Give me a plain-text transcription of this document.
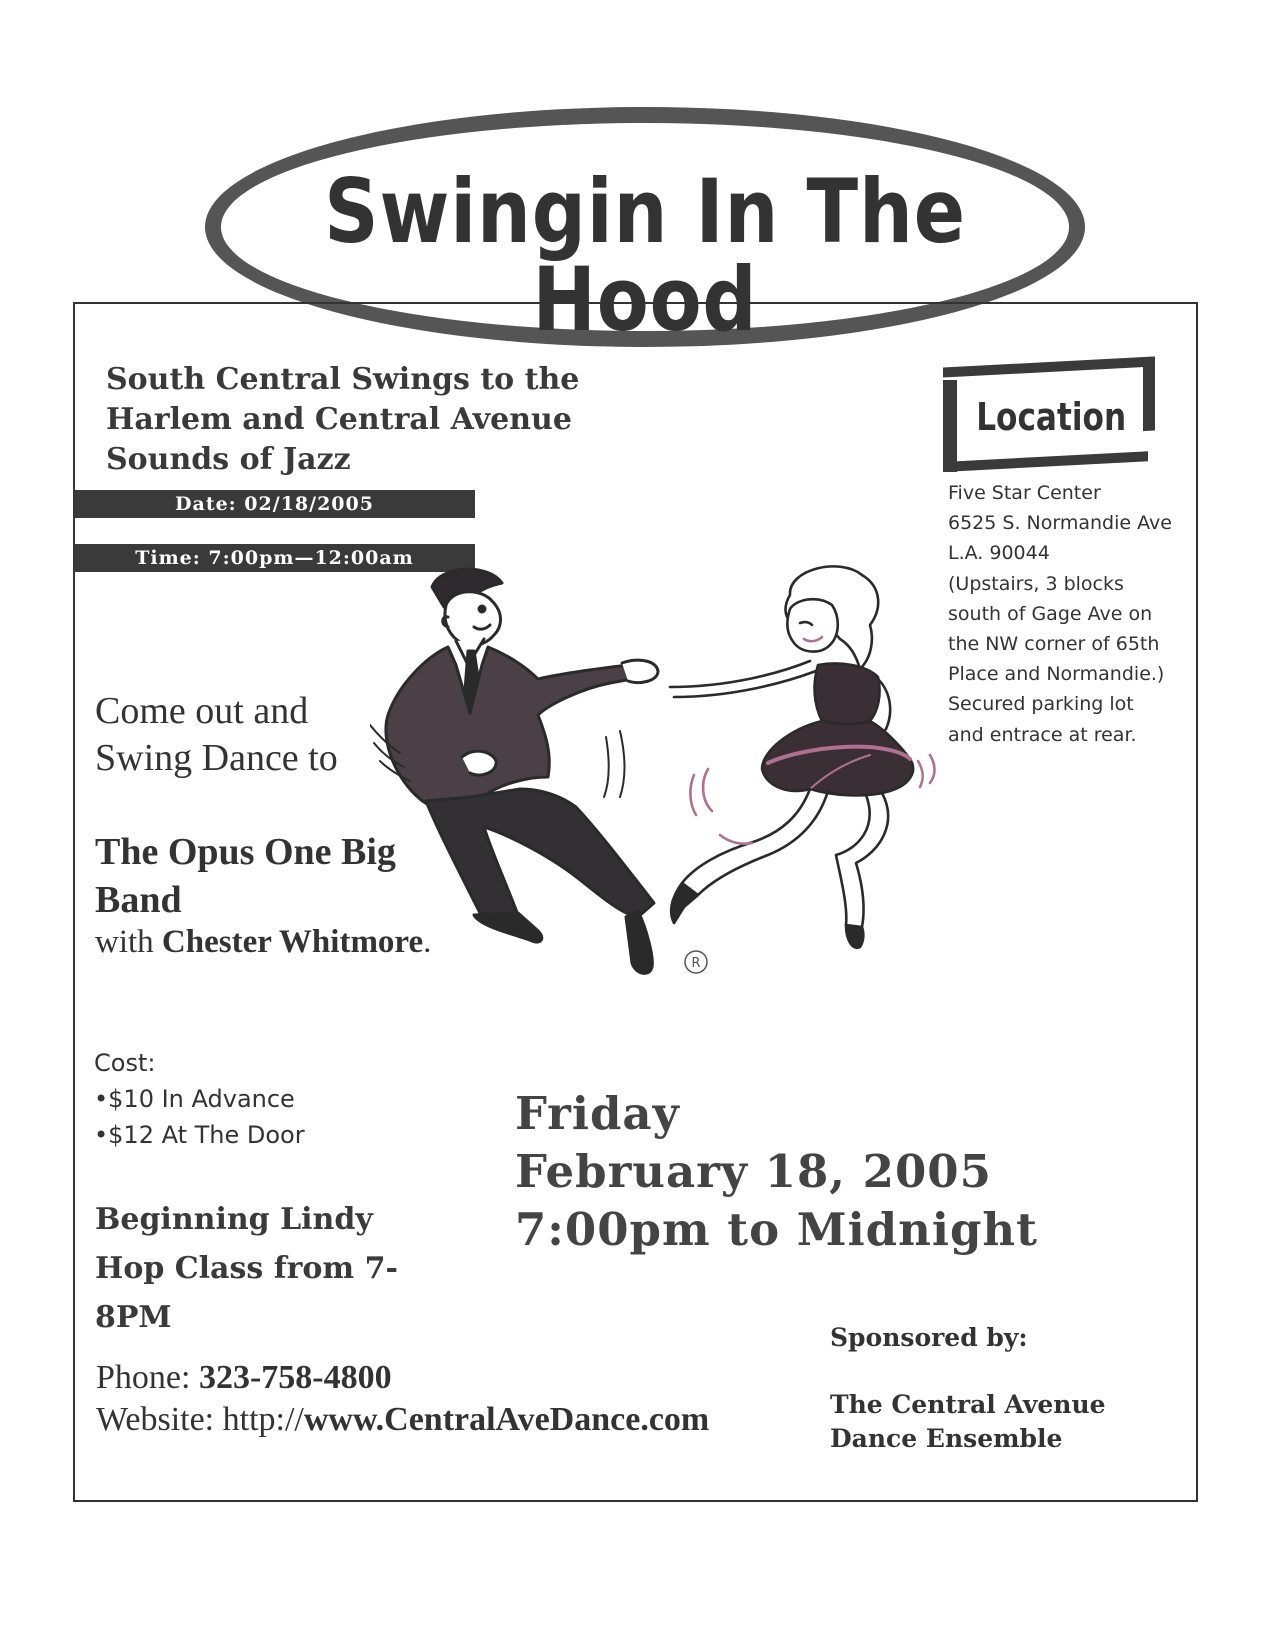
Swingin In The Hood
South Central Swings to the Harlem and Central Avenue Sounds of Jazz
Date: 02/18/2005
Time: 7:00pm—12:00am
Location
Five Star Center
6525 S. Normandie Ave
L.A. 90044
(Upstairs, 3 blocks
south of Gage Ave on
the NW corner of 65th
Place and Normandie.)
Secured parking lot
and entrace at rear.
Come out and
Swing Dance to
The Opus One Big Band
with Chester Whitmore.
R
Cost:
•$10 In Advance
•$12 At The Door
Beginning Lindy
Hop Class from 7-
8PM
Friday
February 18, 2005
7:00pm to Midnight
Phone: 323-758-4800
Website: http://www.CentralAveDance.com
Sponsored by:
The Central Avenue
Dance Ensemble
